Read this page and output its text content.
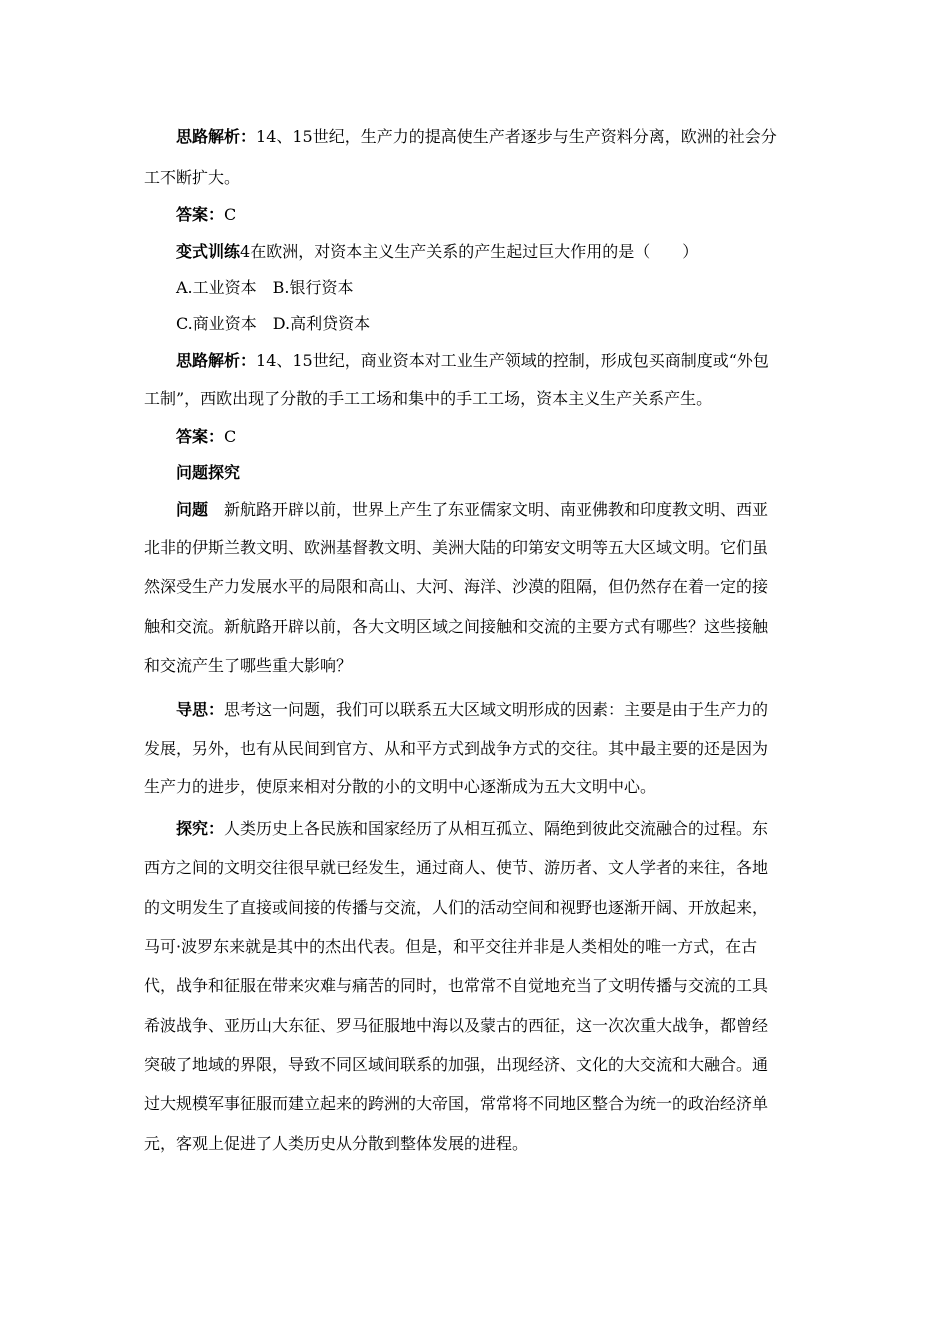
思路解析：14、15世纪，生产力的提高使生产者逐步与生产资料分离，欧洲的社会分
工不断扩大。
答案：C
变式训练4在欧洲，对资本主义生产关系的产生起过巨大作用的是（　　）
A.工业资本　B.银行资本
C.商业资本　D.高利贷资本
思路解析：14、15世纪，商业资本对工业生产领域的控制，形成包买商制度或“外包
工制”，西欧出现了分散的手工工场和集中的手工工场，资本主义生产关系产生。
答案：C
问题探究
问题 新航路开辟以前，世界上产生了东亚儒家文明、南亚佛教和印度教文明、西亚
北非的伊斯兰教文明、欧洲基督教文明、美洲大陆的印第安文明等五大区域文明。它们虽
然深受生产力发展水平的局限和高山、大河、海洋、沙漠的阻隔，但仍然存在着一定的接
触和交流。新航路开辟以前，各大文明区域之间接触和交流的主要方式有哪些？这些接触
和交流产生了哪些重大影响？
导思：思考这一问题，我们可以联系五大区域文明形成的因素：主要是由于生产力的
发展，另外，也有从民间到官方、从和平方式到战争方式的交往。其中最主要的还是因为
生产力的进步，使原来相对分散的小的文明中心逐渐成为五大文明中心。
探究：人类历史上各民族和国家经历了从相互孤立、隔绝到彼此交流融合的过程。东
西方之间的文明交往很早就已经发生，通过商人、使节、游历者、文人学者的来往，各地
的文明发生了直接或间接的传播与交流，人们的活动空间和视野也逐渐开阔、开放起来，
马可·波罗东来就是其中的杰出代表。但是，和平交往并非是人类相处的唯一方式，在古
代，战争和征服在带来灾难与痛苦的同时，也常常不自觉地充当了文明传播与交流的工具
希波战争、亚历山大东征、罗马征服地中海以及蒙古的西征，这一次次重大战争，都曾经
突破了地域的界限，导致不同区域间联系的加强，出现经济、文化的大交流和大融合。通
过大规模军事征服而建立起来的跨洲的大帝国，常常将不同地区整合为统一的政治经济单
元，客观上促进了人类历史从分散到整体发展的进程。
